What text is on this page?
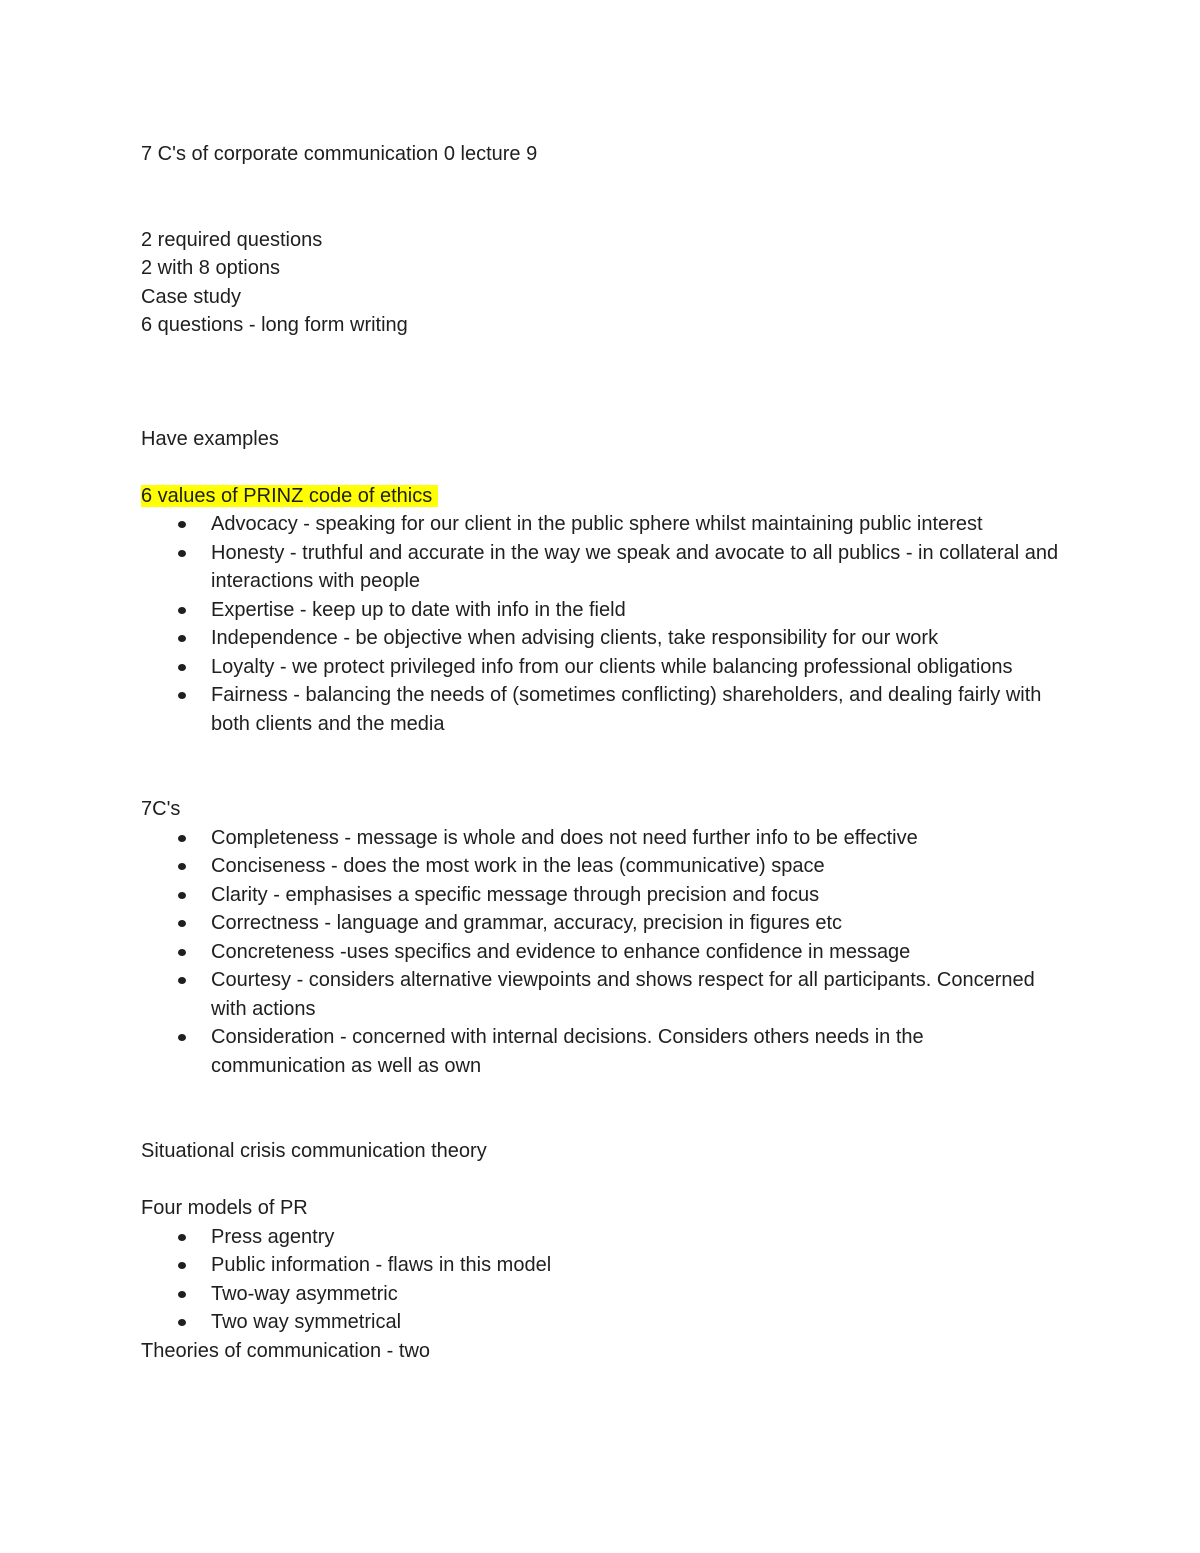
7 C's of corporate communication 0 lecture 9
2 required questions
2 with 8 options
Case study
6 questions - long form writing
Have examples
6 values of PRINZ code of ethics
Advocacy - speaking for our client in the public sphere whilst maintaining public interest
Honesty - truthful and accurate in the way we speak and avocate to all publics - in collateral and interactions with people
Expertise - keep up to date with info in the field
Independence - be objective when advising clients, take responsibility for our work
Loyalty - we protect privileged info from our clients while balancing professional obligations
Fairness - balancing the needs of (sometimes conflicting) shareholders, and dealing fairly with both clients and the media
7C's
Completeness - message is whole and does not need further info to be effective
Conciseness - does the most work in the leas (communicative) space
Clarity - emphasises a specific message through precision and focus
Correctness - language and grammar, accuracy, precision in figures etc
Concreteness -uses specifics and evidence to enhance confidence in message
Courtesy - considers alternative viewpoints and shows respect for all participants. Concerned with actions
Consideration - concerned with internal decisions. Considers others needs in the communication as well as own
Situational crisis communication theory
Four models of PR
Press agentry
Public information - flaws in this model
Two-way asymmetric
Two way symmetrical
Theories of communication - two
